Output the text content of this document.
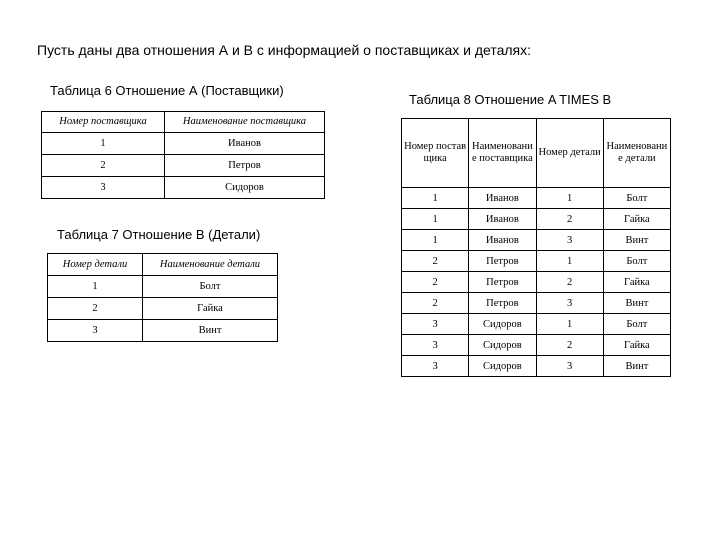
Пусть даны два отношения А и В с информацией о поставщиках и деталях:
Таблица 6 Отношение А (Поставщики)
Номер поставщика	Наименование поставщика
1	Иванов
2	Петров
3	Сидоров
Таблица 7 Отношение В (Детали)
Номер детали	Наименование детали
1	Болт
2	Гайка
3	Винт
Таблица 8 Отношение A TIMES B
Номер поставщика	Наименование поставщика	Номер детали	Наименование детали
1	Иванов	1	Болт
1	Иванов	2	Гайка
1	Иванов	3	Винт
2	Петров	1	Болт
2	Петров	2	Гайка
2	Петров	3	Винт
3	Сидоров	1	Болт
3	Сидоров	2	Гайка
3	Сидоров	3	Винт
